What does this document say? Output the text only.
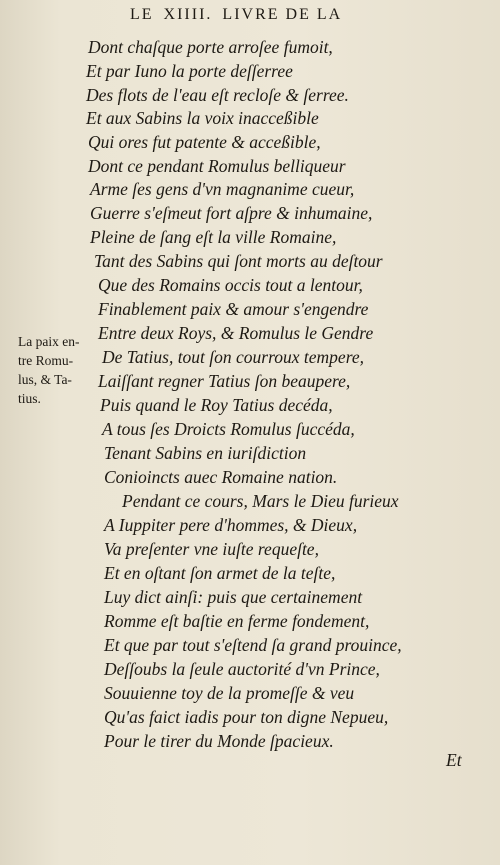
LE XIIII. LIVRE DE LA
Dont chaſque porte arroſee fumoit,
Et par Iuno la porte deſſerree
Des flots de l'eau eſt recloſe & ſerree.
Et aux Sabins la voix inacceßible
Qui ores fut patente & acceßible,
Dont ce pendant Romulus belliqueur
Arme ſes gens d'vn magnanime cueur,
Guerre s'eſmeut fort aſpre & inhumaine,
Pleine de ſang eſt la ville Romaine,
Tant des Sabins qui ſont morts au deſtour
Que des Romains occis tout a lentour,
Finablement paix & amour s'engendre
Entre deux Roys, & Romulus le Gendre
De Tatius, tout ſon courroux tempere,
Laiſſant regner Tatius ſon beaupere,
Puis quand le Roy Tatius decéda,
A tous ſes Droicts Romulus ſuccéda,
Tenant Sabins en iuriſdiction
Conioincts auec Romaine nation.
Pendant ce cours, Mars le Dieu furieux
A Iuppiter pere d'hommes, & Dieux,
Va preſenter vne iuſte requeſte,
Et en oſtant ſon armet de la teſte,
Luy dict ainſi: puis que certainement
Romme eſt baſtie en ferme fondement,
Et que par tout s'eſtend ſa grand prouince,
Deſſoubs la ſeule auctorité d'vn Prince,
Souuienne toy de la promeſſe & veu
Qu'as faict iadis pour ton digne Nepueu,
Pour le tirer du Monde ſpacieux.
La paix en-
tre Romu-
lus, & Ta-
tius.
Et
